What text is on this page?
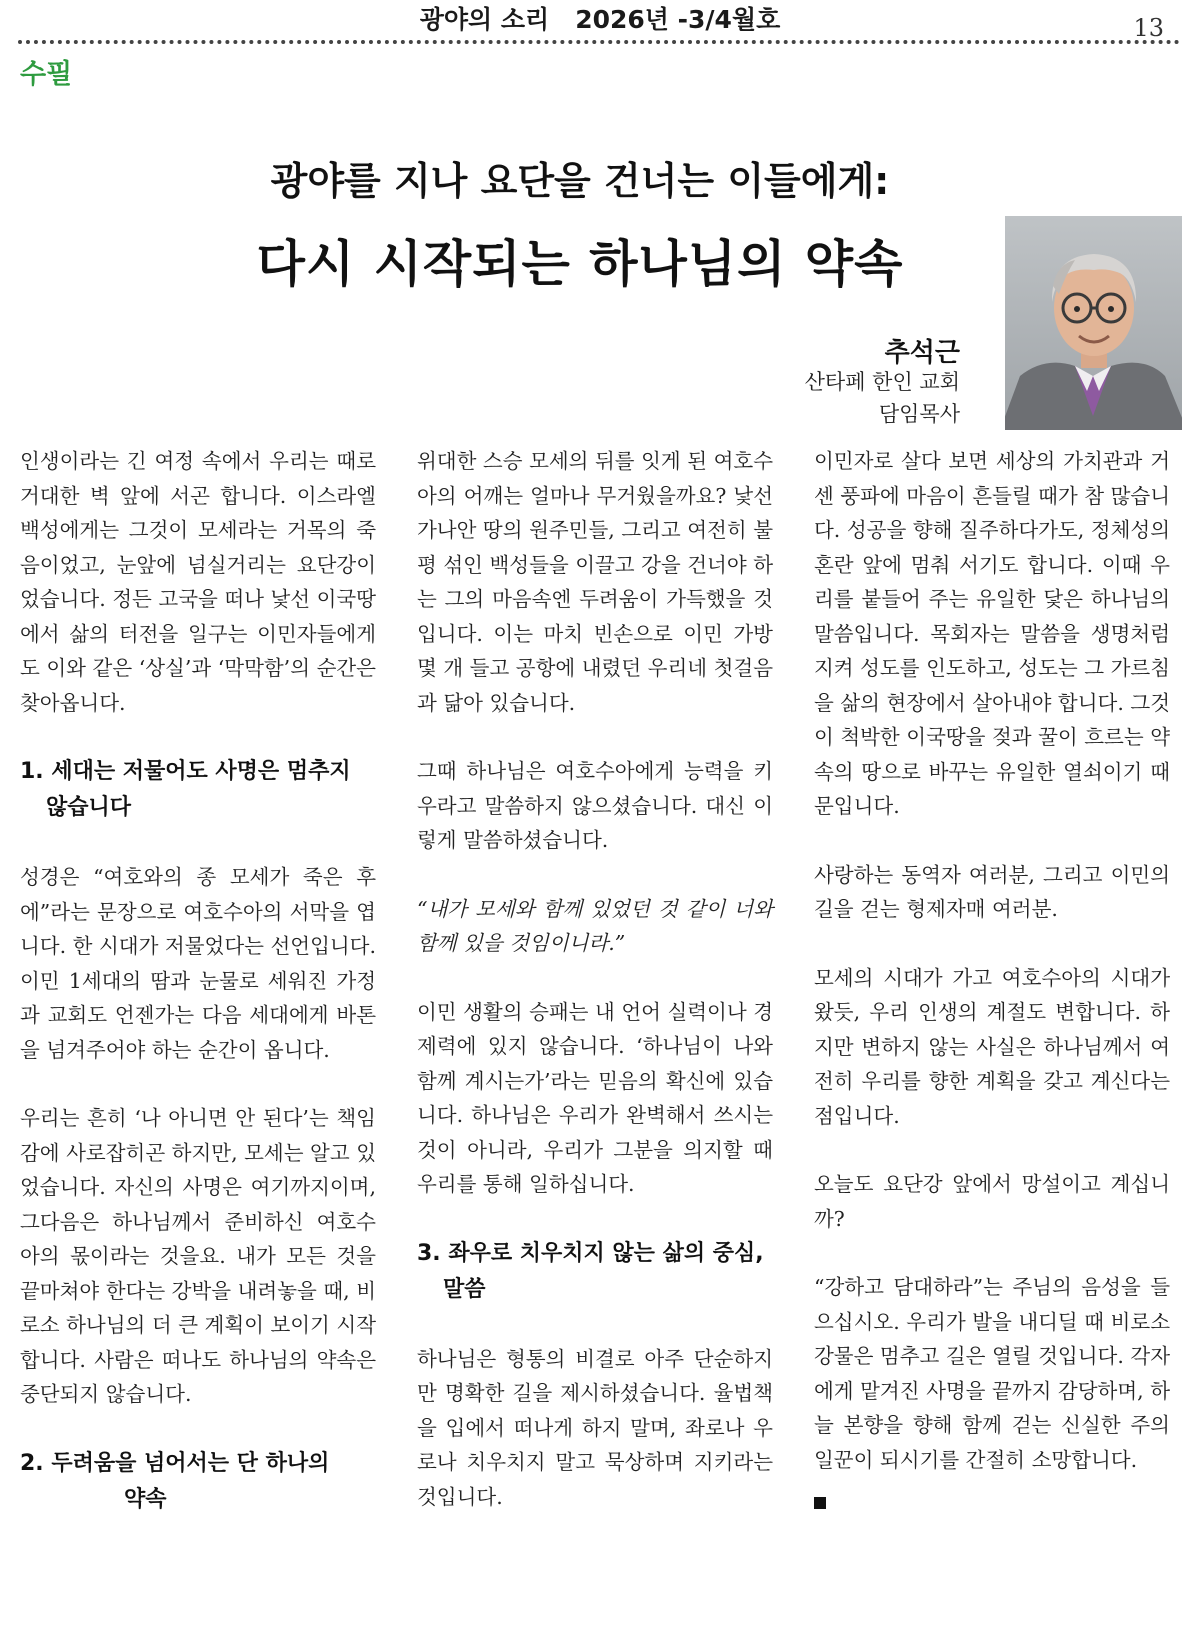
광야의 소리 2026년 -3/4월호	13
수필
광야를 지나 요단을 건너는 이들에게:
다시 시작되는 하나님의 약속
추석근
산타페 한인 교회
담임목사

인생이라는 긴 여정 속에서 우리는 때로 거대한 벽 앞에 서곤 합니다. 이스라엘 백성에게는 그것이 모세라는 거목의 죽음이었고, 눈앞에 넘실거리는 요단강이었습니다. 정든 고국을 떠나 낯선 이국땅에서 삶의 터전을 일구는 이민자들에게도 이와 같은 ‘상실’과 ‘막막함’의 순간은 찾아옵니다.

1. 세대는 저물어도 사명은 멈추지
않습니다

성경은 “여호와의 종 모세가 죽은 후에”라는 문장으로 여호수아의 서막을 엽니다. 한 시대가 저물었다는 선언입니다. 이민 1세대의 땀과 눈물로 세워진 가정과 교회도 언젠가는 다음 세대에게 바톤을 넘겨주어야 하는 순간이 옵니다.

우리는 흔히 ‘나 아니면 안 된다’는 책임감에 사로잡히곤 하지만, 모세는 알고 있었습니다. 자신의 사명은 여기까지이며, 그다음은 하나님께서 준비하신 여호수아의 몫이라는 것을요. 내가 모든 것을 끝마쳐야 한다는 강박을 내려놓을 때, 비로소 하나님의 더 큰 계획이 보이기 시작합니다. 사람은 떠나도 하나님의 약속은 중단되지 않습니다.

2. 두려움을 넘어서는 단 하나의
약속

위대한 스승 모세의 뒤를 잇게 된 여호수아의 어깨는 얼마나 무거웠을까요? 낯선 가나안 땅의 원주민들, 그리고 여전히 불평 섞인 백성들을 이끌고 강을 건너야 하는 그의 마음속엔 두려움이 가득했을 것입니다. 이는 마치 빈손으로 이민 가방 몇 개 들고 공항에 내렸던 우리네 첫걸음과 닮아 있습니다.

그때 하나님은 여호수아에게 능력을 키우라고 말씀하지 않으셨습니다. 대신 이렇게 말씀하셨습니다.

“내가 모세와 함께 있었던 것 같이 너와 함께 있을 것임이니라.”

이민 생활의 승패는 내 언어 실력이나 경제력에 있지 않습니다. ‘하나님이 나와 함께 계시는가’라는 믿음의 확신에 있습니다. 하나님은 우리가 완벽해서 쓰시는 것이 아니라, 우리가 그분을 의지할 때 우리를 통해 일하십니다.

3. 좌우로 치우치지 않는 삶의 중심,
말씀

하나님은 형통의 비결로 아주 단순하지만 명확한 길을 제시하셨습니다. 율법책을 입에서 떠나게 하지 말며, 좌로나 우로나 치우치지 말고 묵상하며 지키라는 것입니다.

이민자로 살다 보면 세상의 가치관과 거센 풍파에 마음이 흔들릴 때가 참 많습니다. 성공을 향해 질주하다가도, 정체성의 혼란 앞에 멈춰 서기도 합니다. 이때 우리를 붙들어 주는 유일한 닻은 하나님의 말씀입니다. 목회자는 말씀을 생명처럼 지켜 성도를 인도하고, 성도는 그 가르침을 삶의 현장에서 살아내야 합니다. 그것이 척박한 이국땅을 젖과 꿀이 흐르는 약속의 땅으로 바꾸는 유일한 열쇠이기 때문입니다.

사랑하는 동역자 여러분, 그리고 이민의 길을 걷는 형제자매 여러분.

모세의 시대가 가고 여호수아의 시대가 왔듯, 우리 인생의 계절도 변합니다. 하지만 변하지 않는 사실은 하나님께서 여전히 우리를 향한 계획을 갖고 계신다는 점입니다.

오늘도 요단강 앞에서 망설이고 계십니까?

“강하고 담대하라”는 주님의 음성을 들으십시오. 우리가 발을 내디딜 때 비로소 강물은 멈추고 길은 열릴 것입니다. 각자에게 맡겨진 사명을 끝까지 감당하며, 하늘 본향을 향해 함께 걷는 신실한 주의 일꾼이 되시기를 간절히 소망합니다.
